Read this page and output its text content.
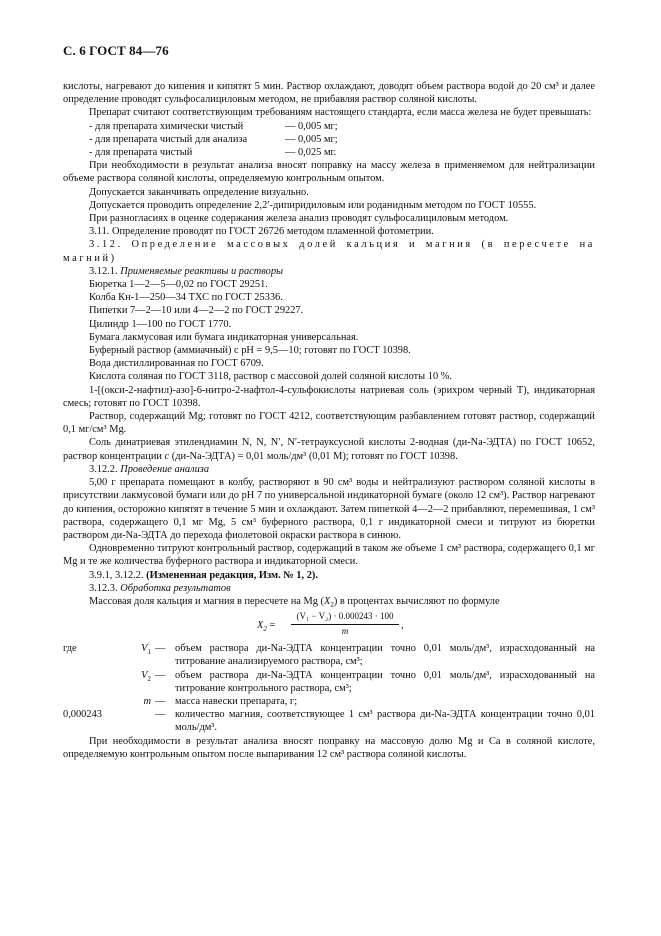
С. 6 ГОСТ 84—76

кислоты, нагревают до кипения и кипятят 5 мин. Раствор охлаждают, доводят объем раствора водой до 20 см³ и далее определение проводят сульфосалициловым методом, не прибавляя раствор соляной кислоты.

Препарат считают соответствующим требованиям настоящего стандарта, если масса железа не будет превышать:

- для препарата химически чистый	— 0,005 мг;
- для препарата чистый для анализа	— 0,005 мг;
- для препарата чистый	— 0,025 мг.

При необходимости в результат анализа вносят поправку на массу железа в применяемом для нейтрализации объеме раствора соляной кислоты, определяемую контрольным опытом.

Допускается заканчивать определение визуально.

Допускается проводить определение 2,2′-дипиридиловым или роданидным методом по ГОСТ 10555.

При разногласиях в оценке содержания железа анализ проводят сульфосалициловым методом.

3.11. Определение проводят по ГОСТ 26726 методом пламенной фотометрии.

3.12. Определение массовых долей кальция и магния (в пересчете на магний)

3.12.1. Применяемые реактивы и растворы

Бюретка 1—2—5—0,02 по ГОСТ 29251.

Колба Кн-1—250—34 ТХС по ГОСТ 25336.

Пипетки 7—2—10 или 4—2—2 по ГОСТ 29227.

Цилиндр 1—100 по ГОСТ 1770.

Бумага лакмусовая или бумага индикаторная универсальная.

Буферный раствор (аммиачный) с рН = 9,5—10; готовят по ГОСТ 10398.

Вода дистиллированная по ГОСТ 6709.

Кислота соляная по ГОСТ 3118, раствор с массовой долей соляной кислоты 10 %.

1-[(окси-2-нафтил)-азо]-6-нитро-2-нафтол-4-сульфокислоты натриевая соль (эрихром черный Т), индикаторная смесь; готовят по ГОСТ 10398.

Раствор, содержащий Mg; готовят по ГОСТ 4212, соответствующим разбавлением готовят раствор, содержащий 0,1 мг/см³ Mg.

Соль динатриевая этилендиамин N, N, N′, N′-тетрауксусной кислоты 2-водная (ди-Na-ЭДТА) по ГОСТ 10652, раствор концентрации c (ди-Na-ЭДТА) = 0,01 моль/дм³ (0,01 М); готовят по ГОСТ 10398.

3.12.2. Проведение анализа

5,00 г препарата помещают в колбу, растворяют в 90 см³ воды и нейтрализуют раствором соляной кислоты в присутствии лакмусовой бумаги или до рН 7 по универсальной индикаторной бумаге (около 12 см³). Раствор нагревают до кипения, осторожно кипятят в течение 5 мин и охлаждают. Затем пипеткой 4—2—2 прибавляют, перемешивая, 1 см³ раствора, содержащего 0,1 мг Mg, 5 см³ буферного раствора, 0,1 г индикаторной смеси и титруют из бюретки раствором ди-Na-ЭДТА до перехода фиолетовой окраски раствора в синюю.

Одновременно титруют контрольный раствор, содержащий в таком же объеме 1 см³ раствора, содержащего 0,1 мг Mg и те же количества буферного раствора и индикаторной смеси.

3.9.1, 3.12.2. (Измененная редакция, Изм. № 1, 2).

3.12.3. Обработка результатов

Массовая доля кальция и магния в пересчете на Mg $(X_2)$ в процентах вычисляют по формуле

$X_2 = \frac{\text{(V₁ − V₂) · 0.000243 · 100}}{m}$ ,
где	$V_1$ — объем раствора ди-Na-ЭДТА концентрации точно 0,01 моль/дм³, израсходованный на титрование анализируемого раствора, см³;
$V_2$ — объем раствора ди-Na-ЭДТА концентрации точно 0,01 моль/дм³, израсходованный на титрование контрольного раствора, см³;
m — масса навески препарата, г;
0,000243	— количество магния, соответствующее 1 см³ раствора ди-Na-ЭДТА концентрации точно 0,01 моль/дм³.

При необходимости в результат анализа вносят поправку на массовую долю Mg и Ca в соляной кислоте, определяемую контрольным опытом после выпаривания 12 см³ раствора соляной кислоты.
